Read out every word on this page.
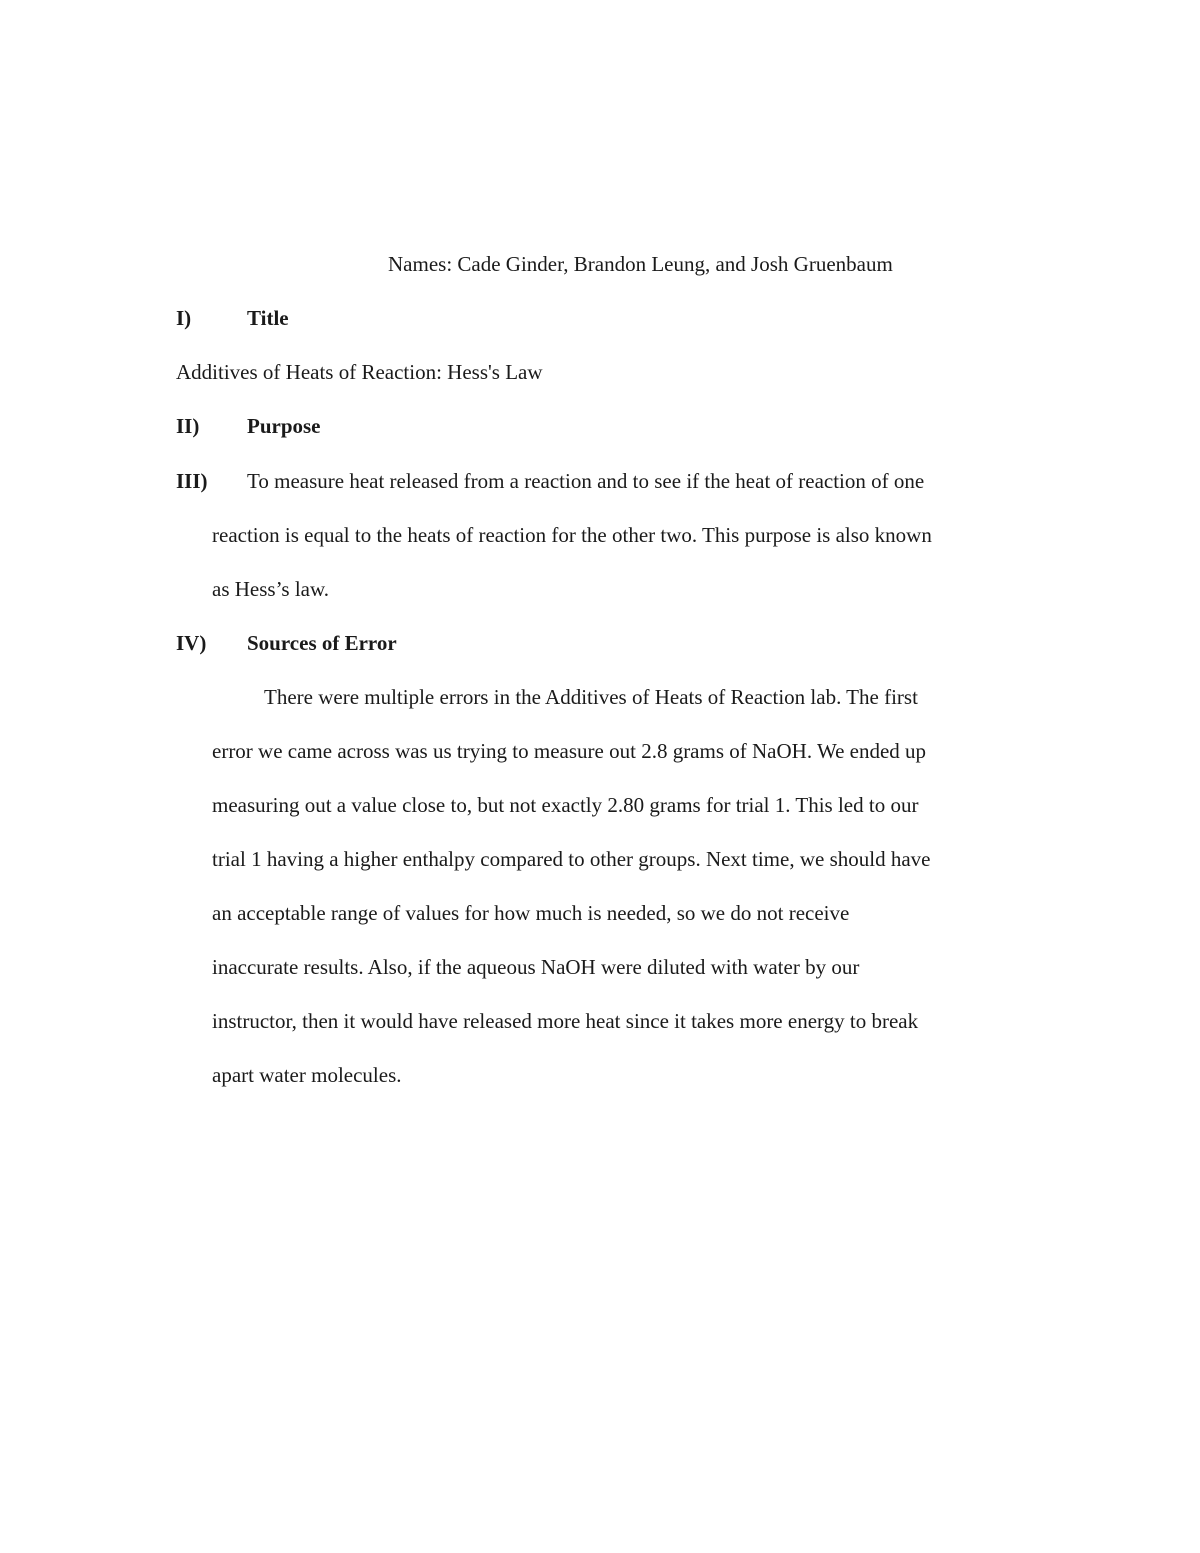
Names: Cade Ginder, Brandon Leung, and Josh Gruenbaum
I)	Title
Additives of Heats of Reaction: Hess's Law
II) Purpose
III) To measure heat released from a reaction and to see if the heat of reaction of one
reaction is equal to the heats of reaction for the other two. This purpose is also known
as Hess’s law.
IV) Sources of Error
There were multiple errors in the Additives of Heats of Reaction lab. The first
error we came across was us trying to measure out 2.8 grams of NaOH. We ended up
measuring out a value close to, but not exactly 2.80 grams for trial 1. This led to our
trial 1 having a higher enthalpy compared to other groups. Next time, we should have
an acceptable range of values for how much is needed, so we do not receive
inaccurate results. Also, if the aqueous NaOH were diluted with water by our
instructor, then it would have released more heat since it takes more energy to break
apart water molecules.
